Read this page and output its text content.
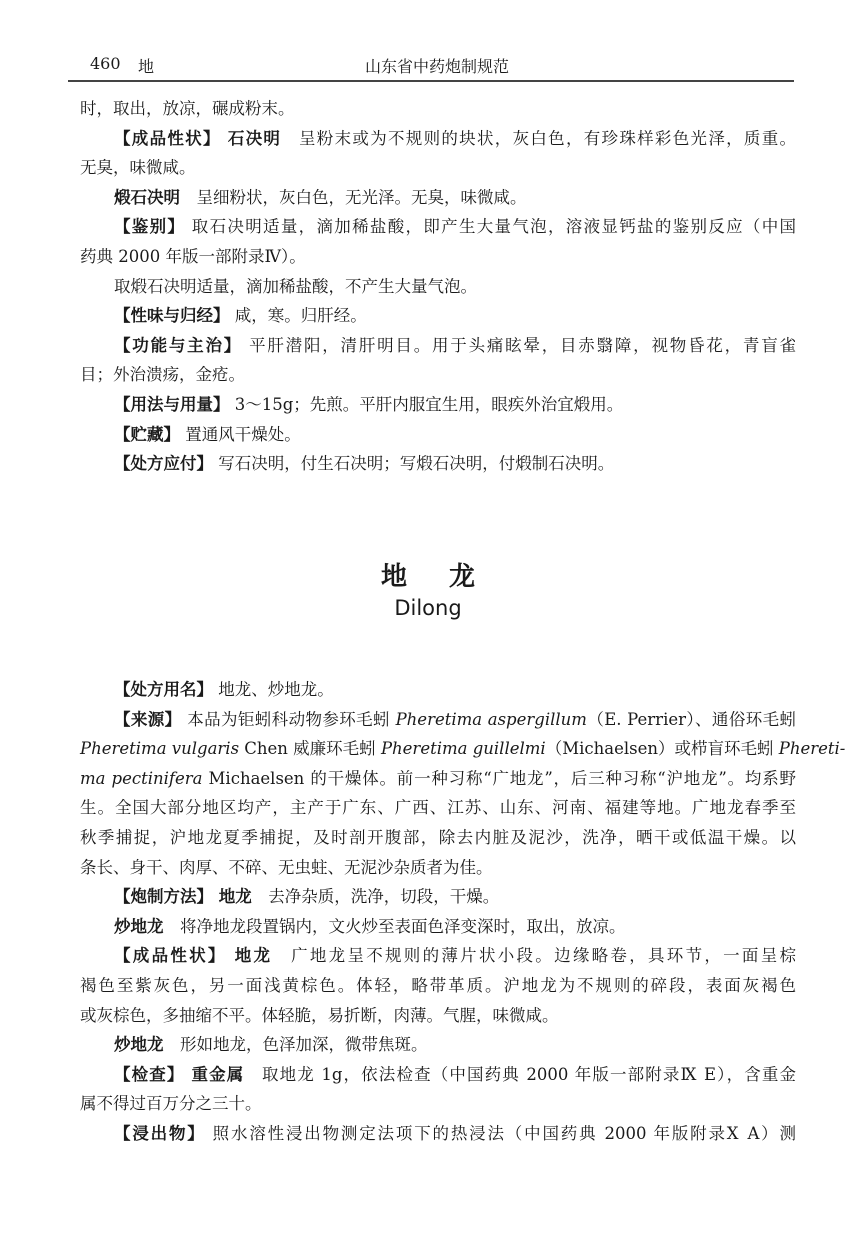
460 地	山东省中药炮制规范
时，取出，放凉，碾成粉末。
【成品性状】 石决明　呈粉末或为不规则的块状，灰白色，有珍珠样彩色光泽，质重。
无臭，味微咸。
煅石决明　呈细粉状，灰白色，无光泽。无臭，味微咸。
【鉴别】 取石决明适量，滴加稀盐酸，即产生大量气泡，溶液显钙盐的鉴别反应（中国
药典 2000 年版一部附录Ⅳ）。
取煅石决明适量，滴加稀盐酸，不产生大量气泡。
【性味与归经】 咸，寒。归肝经。
【功能与主治】 平肝潜阳，清肝明目。用于头痛眩晕，目赤翳障，视物昏花，青盲雀
目；外治溃疡，金疮。
【用法与用量】 3～15g；先煎。平肝内服宜生用，眼疾外治宜煅用。
【贮藏】 置通风干燥处。
【处方应付】 写石决明，付生石决明；写煅石决明，付煅制石决明。
地龙
Dilong
【处方用名】 地龙、炒地龙。
【来源】 本品为钜蚓科动物参环毛蚓 Pheretima aspergillum（E. Perrier）、通俗环毛蚓
Pheretima vulgaris Chen 威廉环毛蚓 Pheretima guillelmi（Michaelsen）或栉盲环毛蚓 Phereti-
ma pectinifera Michaelsen 的干燥体。前一种习称“广地龙”，后三种习称“沪地龙”。均系野
生。全国大部分地区均产，主产于广东、广西、江苏、山东、河南、福建等地。广地龙春季至
秋季捕捉，沪地龙夏季捕捉，及时剖开腹部，除去内脏及泥沙，洗净，晒干或低温干燥。以
条长、身干、肉厚、不碎、无虫蛀、无泥沙杂质者为佳。
【炮制方法】 地龙　去净杂质，洗净，切段，干燥。
炒地龙　将净地龙段置锅内，文火炒至表面色泽变深时，取出，放凉。
【成品性状】 地龙　广地龙呈不规则的薄片状小段。边缘略卷，具环节，一面呈棕
褐色至紫灰色，另一面浅黄棕色。体轻，略带革质。沪地龙为不规则的碎段，表面灰褐色
或灰棕色，多抽缩不平。体轻脆，易折断，肉薄。气腥，味微咸。
炒地龙　形如地龙，色泽加深，微带焦斑。
【检查】 重金属　取地龙 1g，依法检查（中国药典 2000 年版一部附录Ⅸ E），含重金
属不得过百万分之三十。
【浸出物】 照水溶性浸出物测定法项下的热浸法（中国药典 2000 年版附录Ⅹ A）测
